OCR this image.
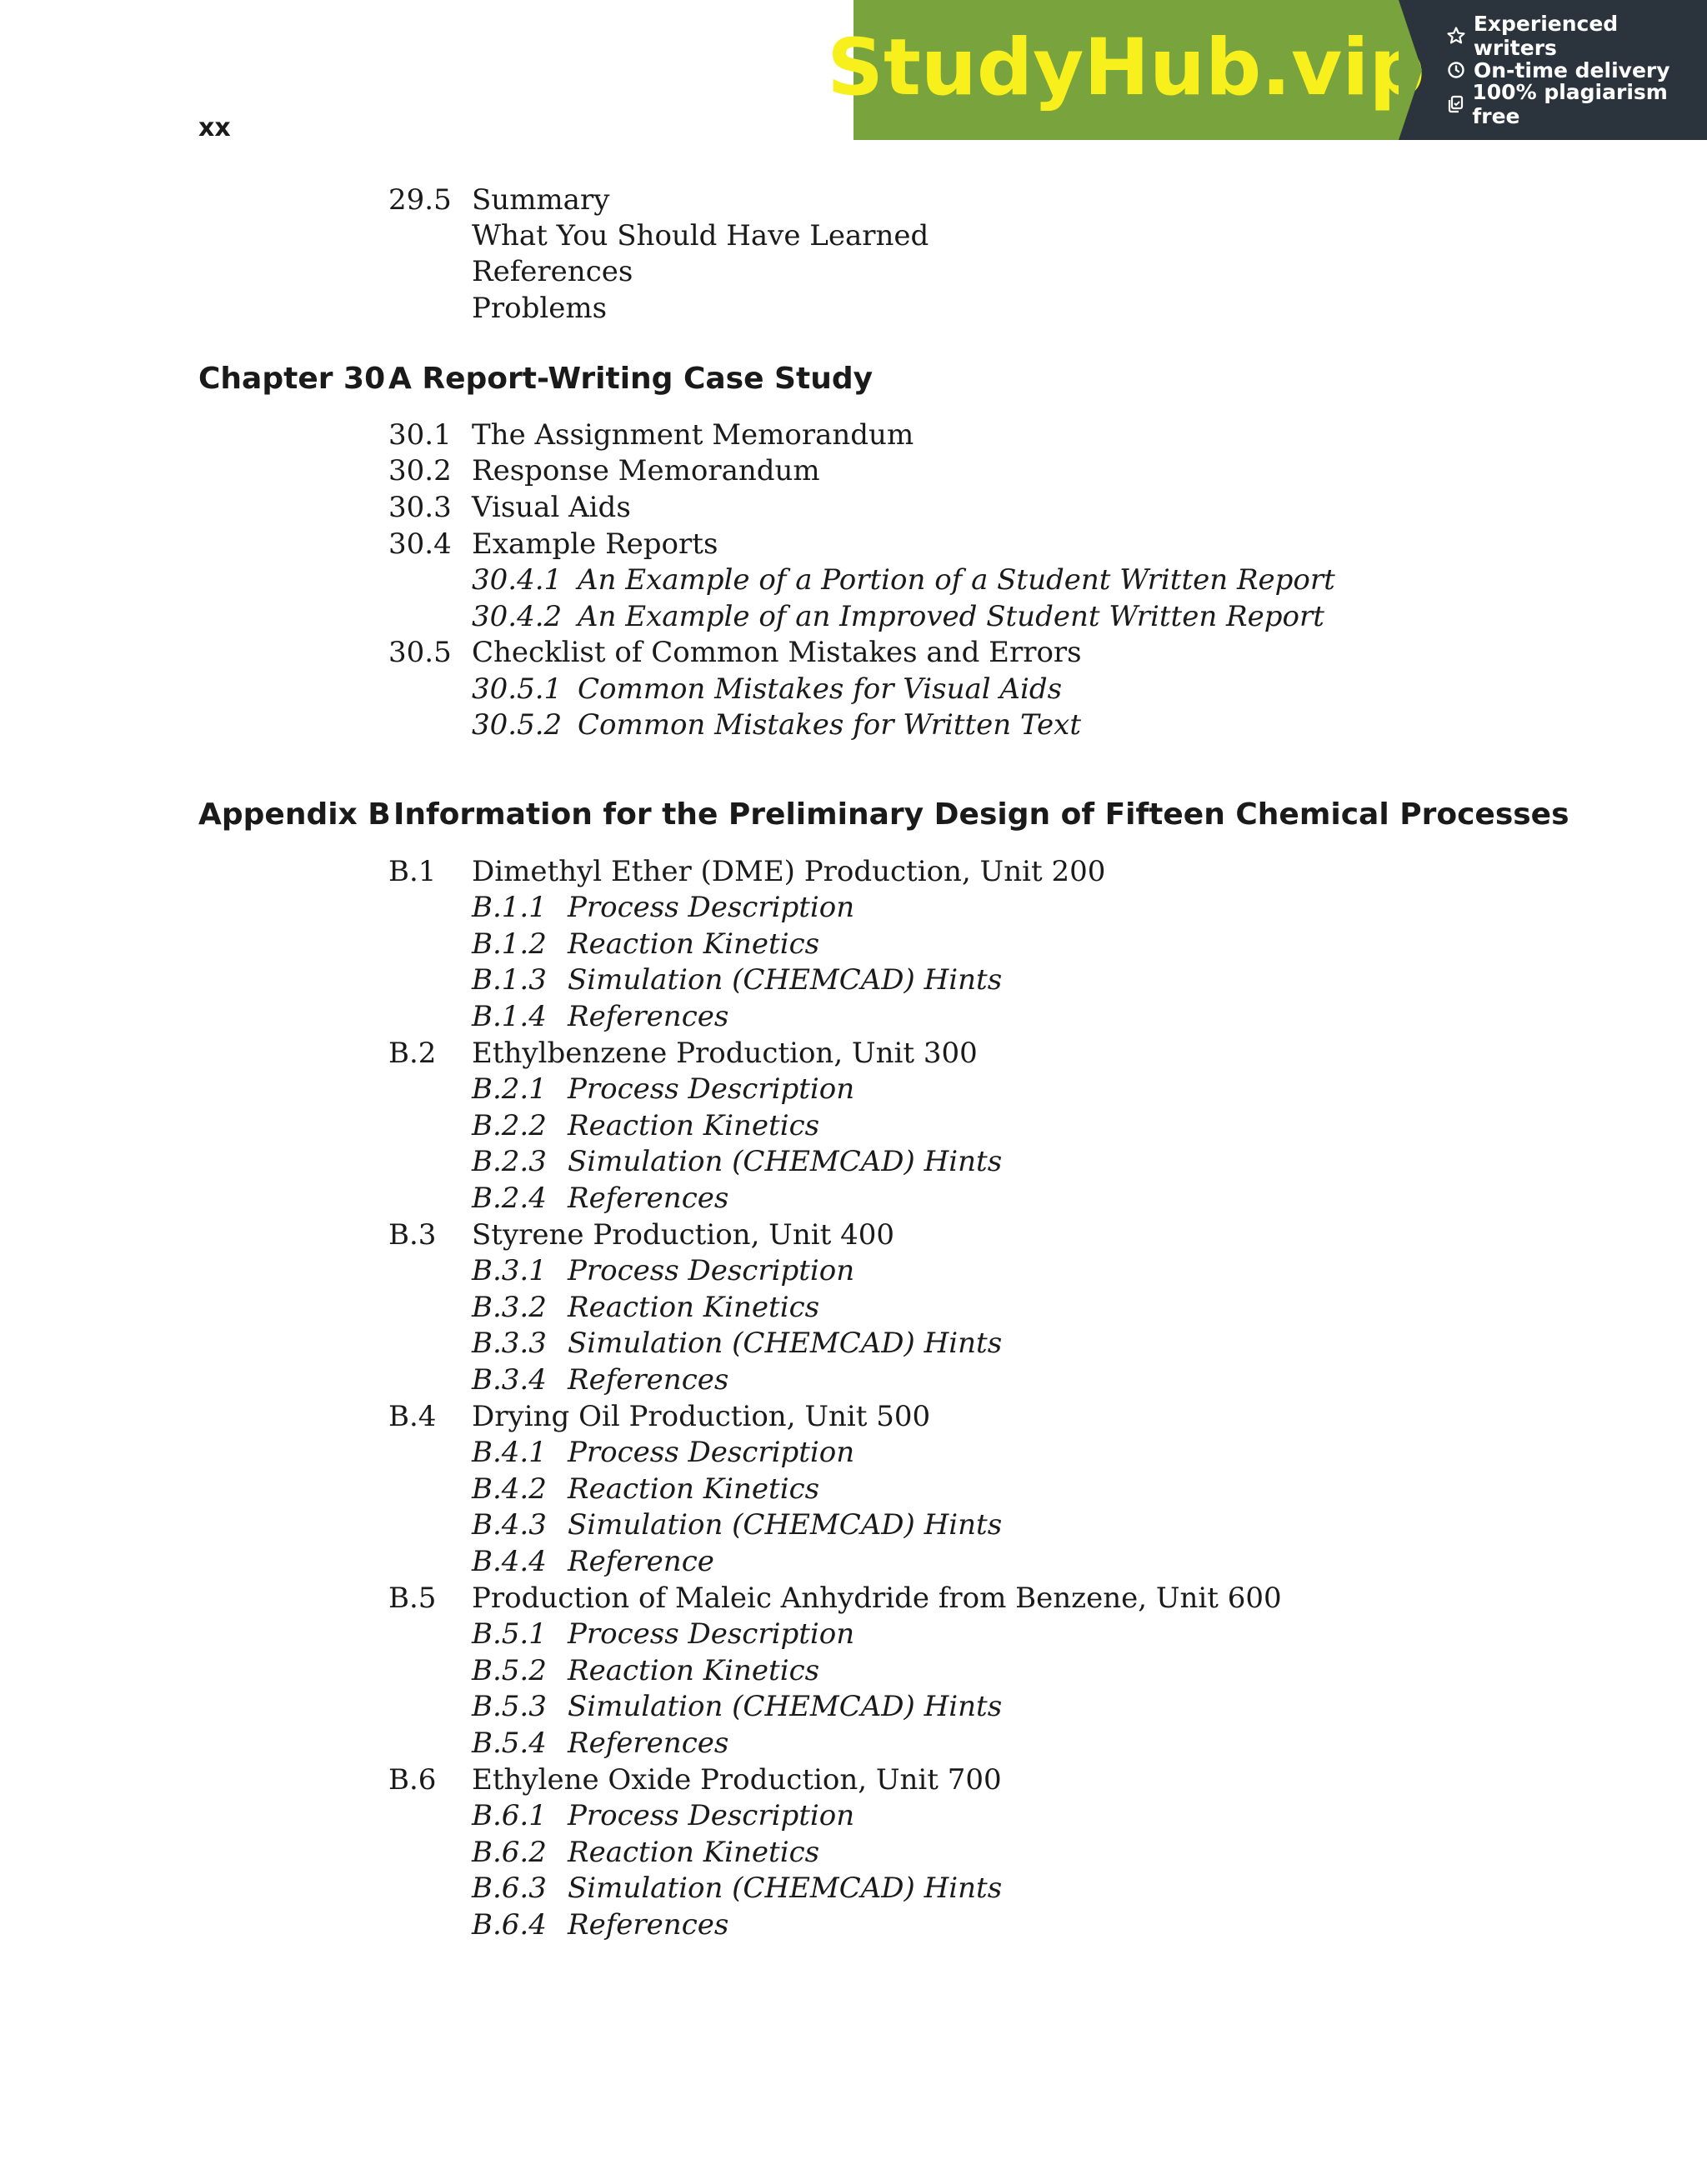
StudyHub.vip Experienced writers
On-time delivery
100% plagiarism free
xx
29.5 Summary
What You Should Have Learned
References
Problems
Chapter 30 A Report-Writing Case Study
30.1 The Assignment Memorandum
30.2 Response Memorandum
30.3 Visual Aids
30.4 Example Reports
30.4.1 An Example of a Portion of a Student Written Report
30.4.2 An Example of an Improved Student Written Report
30.5 Checklist of Common Mistakes and Errors
30.5.1 Common Mistakes for Visual Aids
30.5.2 Common Mistakes for Written Text
Appendix B Information for the Preliminary Design of Fifteen Chemical Processes
B.1 Dimethyl Ether (DME) Production, Unit 200
B.1.1 Process Description
B.1.2 Reaction Kinetics
B.1.3 Simulation (CHEMCAD) Hints
B.1.4 References
B.2 Ethylbenzene Production, Unit 300
B.2.1 Process Description
B.2.2 Reaction Kinetics
B.2.3 Simulation (CHEMCAD) Hints
B.2.4 References
B.3 Styrene Production, Unit 400
B.3.1 Process Description
B.3.2 Reaction Kinetics
B.3.3 Simulation (CHEMCAD) Hints
B.3.4 References
B.4 Drying Oil Production, Unit 500
B.4.1 Process Description
B.4.2 Reaction Kinetics
B.4.3 Simulation (CHEMCAD) Hints
B.4.4 Reference
B.5 Production of Maleic Anhydride from Benzene, Unit 600
B.5.1 Process Description
B.5.2 Reaction Kinetics
B.5.3 Simulation (CHEMCAD) Hints
B.5.4 References
B.6 Ethylene Oxide Production, Unit 700
B.6.1 Process Description
B.6.2 Reaction Kinetics
B.6.3 Simulation (CHEMCAD) Hints
B.6.4 References
